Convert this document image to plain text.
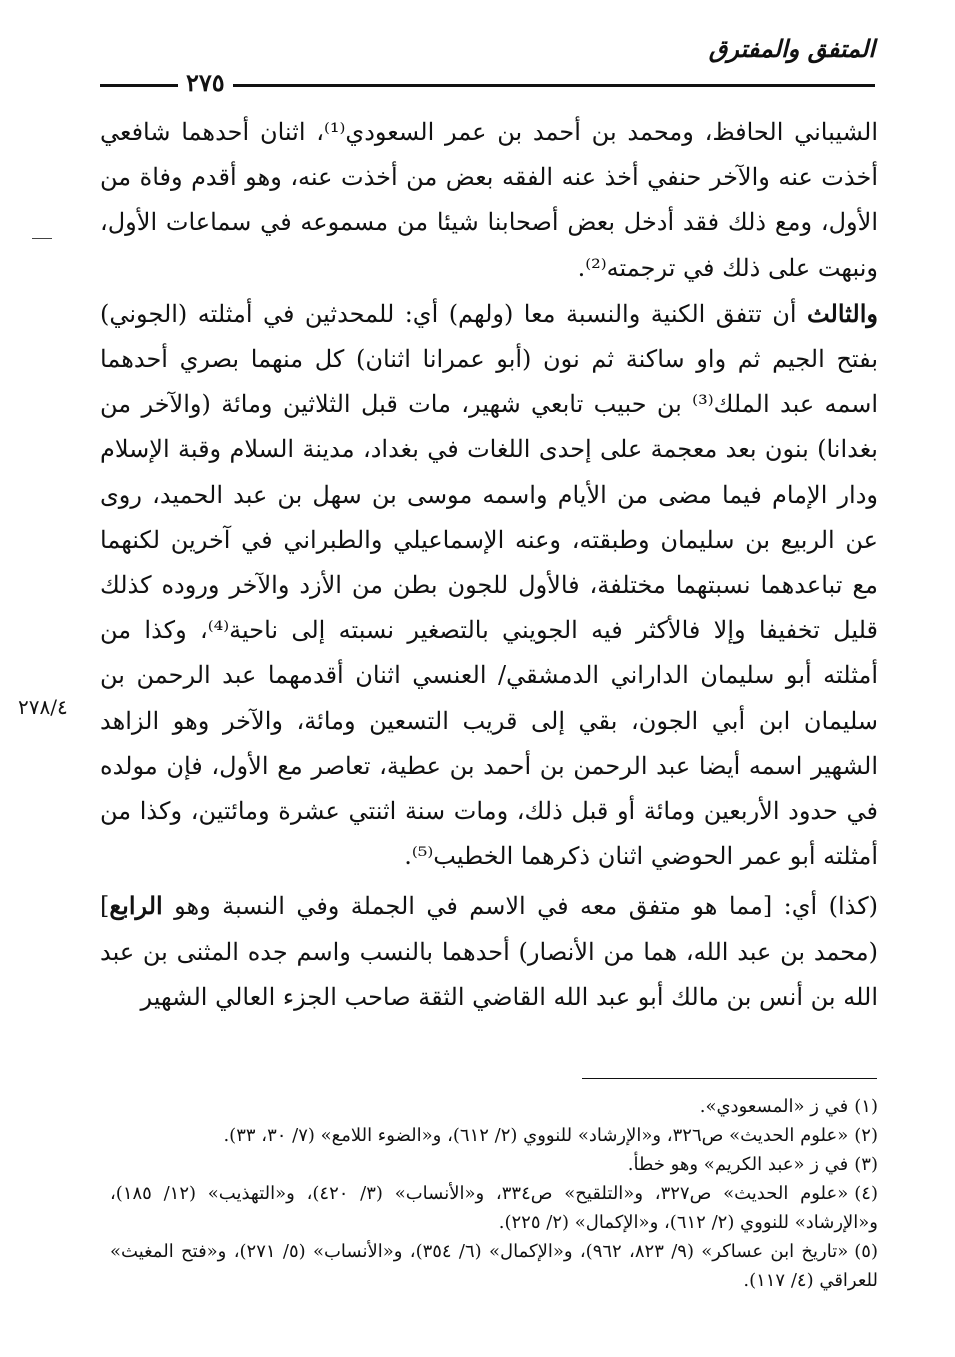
المتفق والمفترق
٢٧٥
٢٧٨/٤

الشيباني الحافظ، ومحمد بن أحمد بن عمر السعودي⁽¹⁾، اثنان أحدهما شافعي أخذت عنه والآخر حنفي أخذ عنه الفقه بعض من أخذت عنه، وهو أقدم وفاة من الأول، ومع ذلك فقد أدخل بعض أصحابنا شيئا من مسموعه في سماعات الأول، ونبهت على ذلك في ترجمته⁽²⁾.

والثالث أن تتفق الكنية والنسبة معا (ولهم) أي: للمحدثين في أمثلته (الجوني) بفتح الجيم ثم واو ساكنة ثم نون (أبو عمرانا اثنان) كل منهما بصري أحدهما اسمه عبد الملك⁽³⁾ بن حبيب تابعي شهير، مات قبل الثلاثين ومائة (والآخر من بغدانا) بنون بعد معجمة على إحدى اللغات في بغداد، مدينة السلام وقبة الإسلام ودار الإمام فيما مضى من الأيام واسمه موسى بن سهل بن عبد الحميد، روى عن الربيع بن سليمان وطبقته، وعنه الإسماعيلي والطبراني في آخرين لكنهما مع تباعدهما نسبتهما مختلفة، فالأول للجون بطن من الأزد والآخر وروده كذلك قليل تخفيفا وإلا فالأكثر فيه الجويني بالتصغير نسبته إلى ناحية⁽⁴⁾، وكذا من أمثلته أبو سليمان الداراني الدمشقي/ العنسي اثنان أقدمهما عبد الرحمن بن سليمان ابن أبي الجون، بقي إلى قريب التسعين ومائة، والآخر وهو الزاهد الشهير اسمه أيضا عبد الرحمن بن أحمد بن عطية، تعاصر مع الأول، فإن مولده في حدود الأربعين ومائة أو قبل ذلك، ومات سنة اثنتي عشرة ومائتين، وكذا من أمثلته أبو عمر الحوضي اثنان ذكرهما الخطيب⁽⁵⁾.

(كذا) أي: [مما هو متفق معه في الاسم في الجملة وفي النسبة وهو الرابع] (محمد بن عبد الله، هما من الأنصار) أحدهما بالنسب واسم جده المثنى بن عبد الله بن أنس بن مالك أبو عبد الله القاضي الثقة صاحب الجزء العالي الشهير

(١)في ز «المسعودي».

(٢)«علوم الحديث» ص٣٢٦، و«الإرشاد» للنووي (٢/ ٦١٢)، و«الضوء اللامع» (٧/ ٣٠، ٣٣).

(٣)في ز «عبد الكريم» وهو خطأ.

(٤)«علوم الحديث» ص٣٢٧، و«التلقيح» ص٣٣٤، و«الأنساب» (٣/ ٤٢٠)، و«التهذيب» (١٢/ ١٨٥)، و«الإرشاد» للنووي (٢/ ٦١٢)، و«الإكمال» (٢/ ٢٢٥).

(٥)«تاريخ ابن عساكر» (٩/ ٨٢٣، ٩٦٢)، و«الإكمال» (٦/ ٣٥٤)، و«الأنساب» (٥/ ٢٧١)، و«فتح المغيث» للعراقي (٤/ ١١٧).
